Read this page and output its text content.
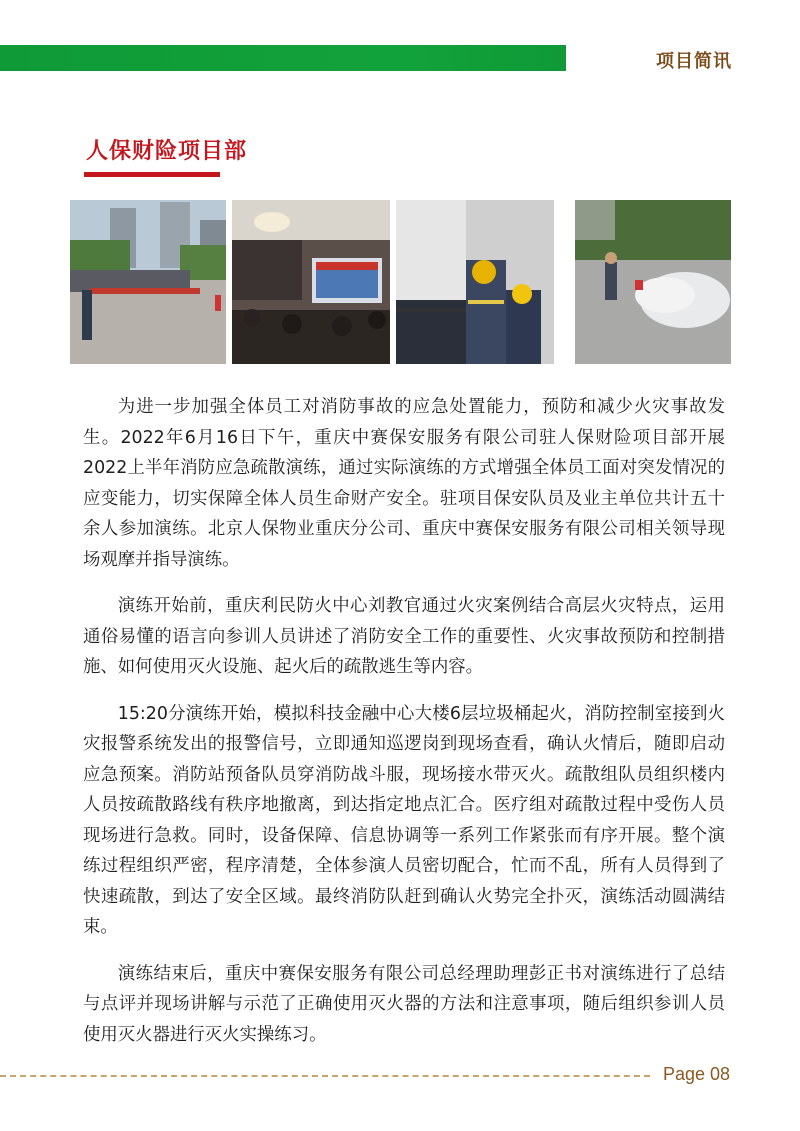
项目简讯
人保财险项目部

为进一步加强全体员工对消防事故的应急处置能力，预防和减少火灾事故发生。2022年6月16日下午，重庆中赛保安服务有限公司驻人保财险项目部开展2022上半年消防应急疏散演练，通过实际演练的方式增强全体员工面对突发情况的应变能力，切实保障全体人员生命财产安全。驻项目保安队员及业主单位共计五十余人参加演练。北京人保物业重庆分公司、重庆中赛保安服务有限公司相关领导现场观摩并指导演练。

演练开始前，重庆利民防火中心刘教官通过火灾案例结合高层火灾特点，运用通俗易懂的语言向参训人员讲述了消防安全工作的重要性、火灾事故预防和控制措施、如何使用灭火设施、起火后的疏散逃生等内容。

15:20分演练开始，模拟科技金融中心大楼6层垃圾桶起火，消防控制室接到火灾报警系统发出的报警信号，立即通知巡逻岗到现场查看，确认火情后，随即启动应急预案。消防站预备队员穿消防战斗服，现场接水带灭火。疏散组队员组织楼内人员按疏散路线有秩序地撤离，到达指定地点汇合。医疗组对疏散过程中受伤人员现场进行急救。同时，设备保障、信息协调等一系列工作紧张而有序开展。整个演练过程组织严密，程序清楚，全体参演人员密切配合，忙而不乱，所有人员得到了快速疏散，到达了安全区域。最终消防队赶到确认火势完全扑灭，演练活动圆满结束。

演练结束后，重庆中赛保安服务有限公司总经理助理彭正书对演练进行了总结与点评并现场讲解与示范了正确使用灭火器的方法和注意事项，随后组织参训人员使用灭火器进行灭火实操练习。

Page 08
